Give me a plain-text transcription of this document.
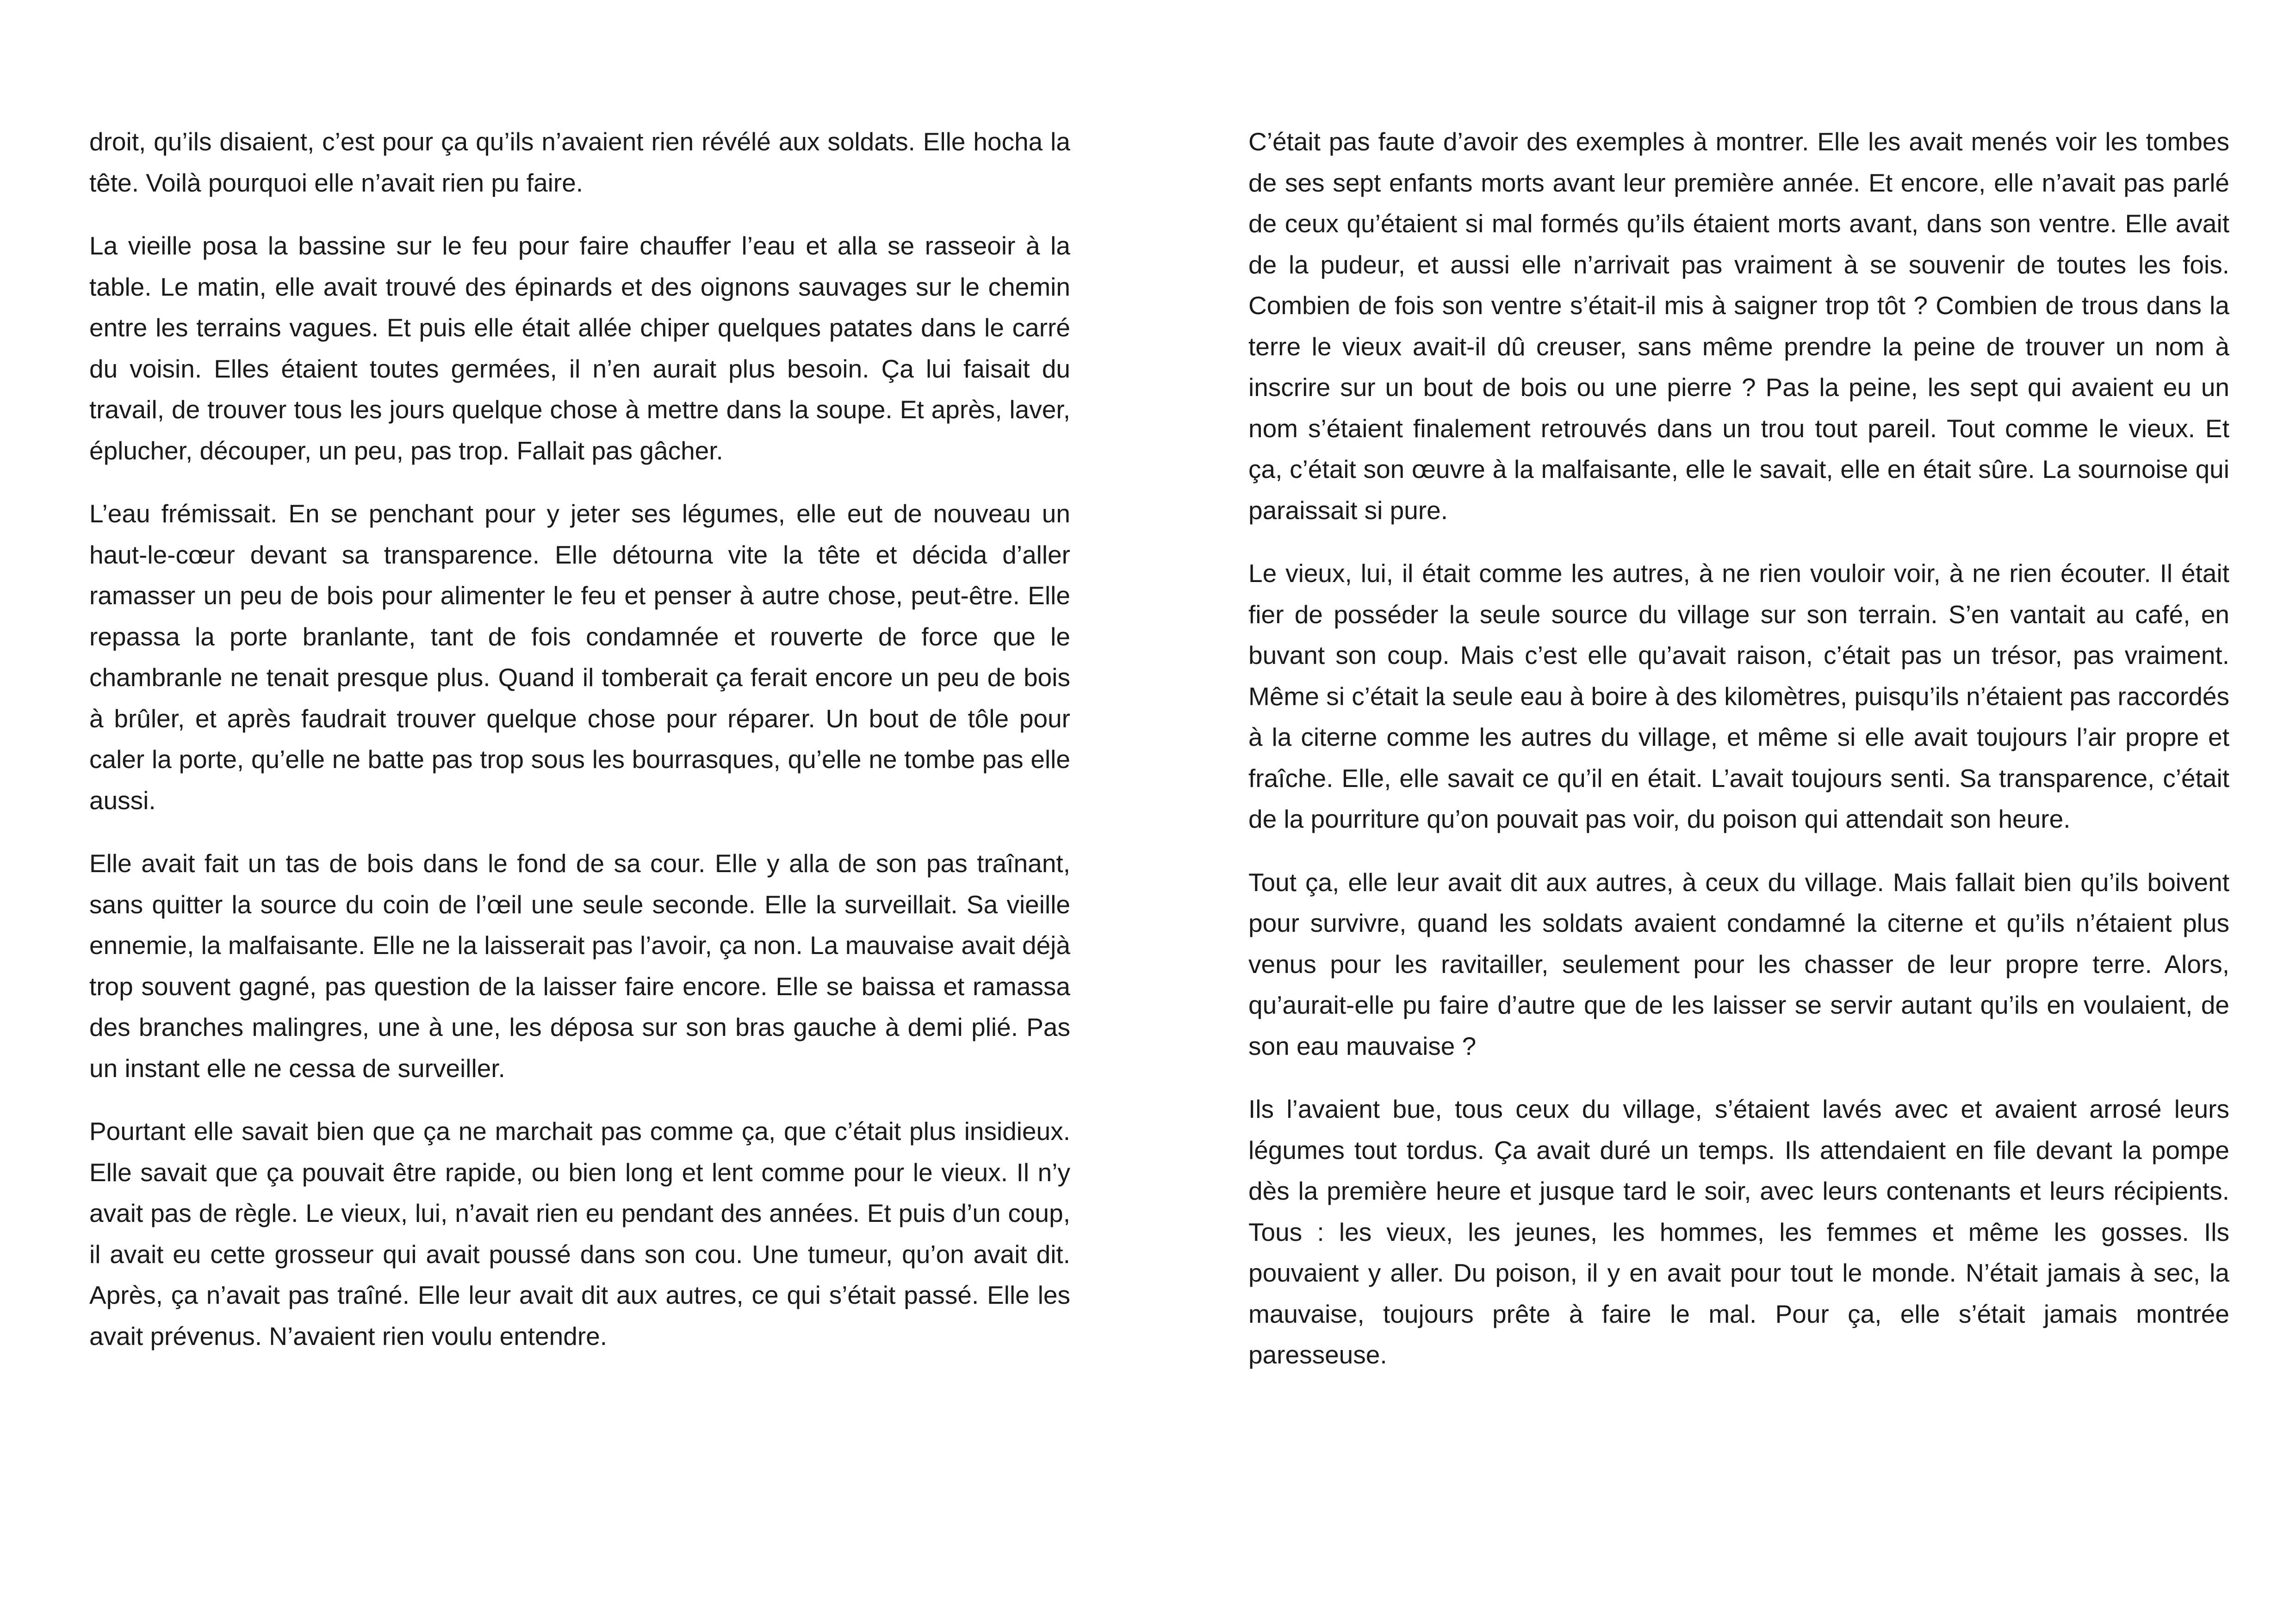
droit, qu’ils disaient, c’est pour ça qu’ils n’avaient rien révélé aux soldats. Elle hocha la tête. Voilà pourquoi elle n’avait rien pu faire.

La vieille posa la bassine sur le feu pour faire chauffer l’eau et alla se rasseoir à la table. Le matin, elle avait trouvé des épinards et des oignons sauvages sur le chemin entre les terrains vagues. Et puis elle était allée chiper quelques patates dans le carré du voisin. Elles étaient toutes germées, il n’en aurait plus besoin. Ça lui faisait du travail, de trouver tous les jours quelque chose à mettre dans la soupe. Et après, laver, éplucher, découper, un peu, pas trop. Fallait pas gâcher.

L’eau frémissait. En se penchant pour y jeter ses légumes, elle eut de nouveau un haut-le-cœur devant sa transparence. Elle détourna vite la tête et décida d’aller ramasser un peu de bois pour alimenter le feu et penser à autre chose, peut-être. Elle repassa la porte branlante, tant de fois condamnée et rouverte de force que le chambranle ne tenait presque plus. Quand il tomberait ça ferait encore un peu de bois à brûler, et après faudrait trouver quelque chose pour réparer. Un bout de tôle pour caler la porte, qu’elle ne batte pas trop sous les bourrasques, qu’elle ne tombe pas elle aussi.

Elle avait fait un tas de bois dans le fond de sa cour. Elle y alla de son pas traînant, sans quitter la source du coin de l’œil une seule seconde. Elle la surveillait. Sa vieille ennemie, la malfaisante. Elle ne la laisserait pas l’avoir, ça non. La mauvaise avait déjà trop souvent gagné, pas question de la laisser faire encore. Elle se baissa et ramassa des branches malingres, une à une, les déposa sur son bras gauche à demi plié. Pas un instant elle ne cessa de surveiller.

Pourtant elle savait bien que ça ne marchait pas comme ça, que c’était plus insidieux. Elle savait que ça pouvait être rapide, ou bien long et lent comme pour le vieux. Il n’y avait pas de règle. Le vieux, lui, n’avait rien eu pendant des années. Et puis d’un coup, il avait eu cette grosseur qui avait poussé dans son cou. Une tumeur, qu’on avait dit. Après, ça n’avait pas traîné. Elle leur avait dit aux autres, ce qui s’était passé. Elle les avait prévenus. N’avaient rien voulu entendre.

C’était pas faute d’avoir des exemples à montrer. Elle les avait menés voir les tombes de ses sept enfants morts avant leur première année. Et encore, elle n’avait pas parlé de ceux qu’étaient si mal formés qu’ils étaient morts avant, dans son ventre. Elle avait de la pudeur, et aussi elle n’arrivait pas vraiment à se souvenir de toutes les fois. Combien de fois son ventre s’était-il mis à saigner trop tôt ? Combien de trous dans la terre le vieux avait-il dû creuser, sans même prendre la peine de trouver un nom à inscrire sur un bout de bois ou une pierre ? Pas la peine, les sept qui avaient eu un nom s’étaient finalement retrouvés dans un trou tout pareil. Tout comme le vieux. Et ça, c’était son œuvre à la malfaisante, elle le savait, elle en était sûre. La sournoise qui paraissait si pure.

Le vieux, lui, il était comme les autres, à ne rien vouloir voir, à ne rien écouter. Il était fier de posséder la seule source du village sur son terrain. S’en vantait au café, en buvant son coup. Mais c’est elle qu’avait raison, c’était pas un trésor, pas vraiment. Même si c’était la seule eau à boire à des kilomètres, puisqu’ils n’étaient pas raccordés à la citerne comme les autres du village, et même si elle avait toujours l’air propre et fraîche. Elle, elle savait ce qu’il en était. L’avait toujours senti. Sa transparence, c’était de la pourriture qu’on pouvait pas voir, du poison qui attendait son heure.

Tout ça, elle leur avait dit aux autres, à ceux du village. Mais fallait bien qu’ils boivent pour survivre, quand les soldats avaient condamné la citerne et qu’ils n’étaient plus venus pour les ravitailler, seulement pour les chasser de leur propre terre. Alors, qu’aurait-elle pu faire d’autre que de les laisser se servir autant qu’ils en voulaient, de son eau mauvaise ?

Ils l’avaient bue, tous ceux du village, s’étaient lavés avec et avaient arrosé leurs légumes tout tordus. Ça avait duré un temps. Ils attendaient en file devant la pompe dès la première heure et jusque tard le soir, avec leurs contenants et leurs récipients. Tous : les vieux, les jeunes, les hommes, les femmes et même les gosses. Ils pouvaient y aller. Du poison, il y en avait pour tout le monde. N’était jamais à sec, la mauvaise, toujours prête à faire le mal. Pour ça, elle s’était jamais montrée paresseuse.
